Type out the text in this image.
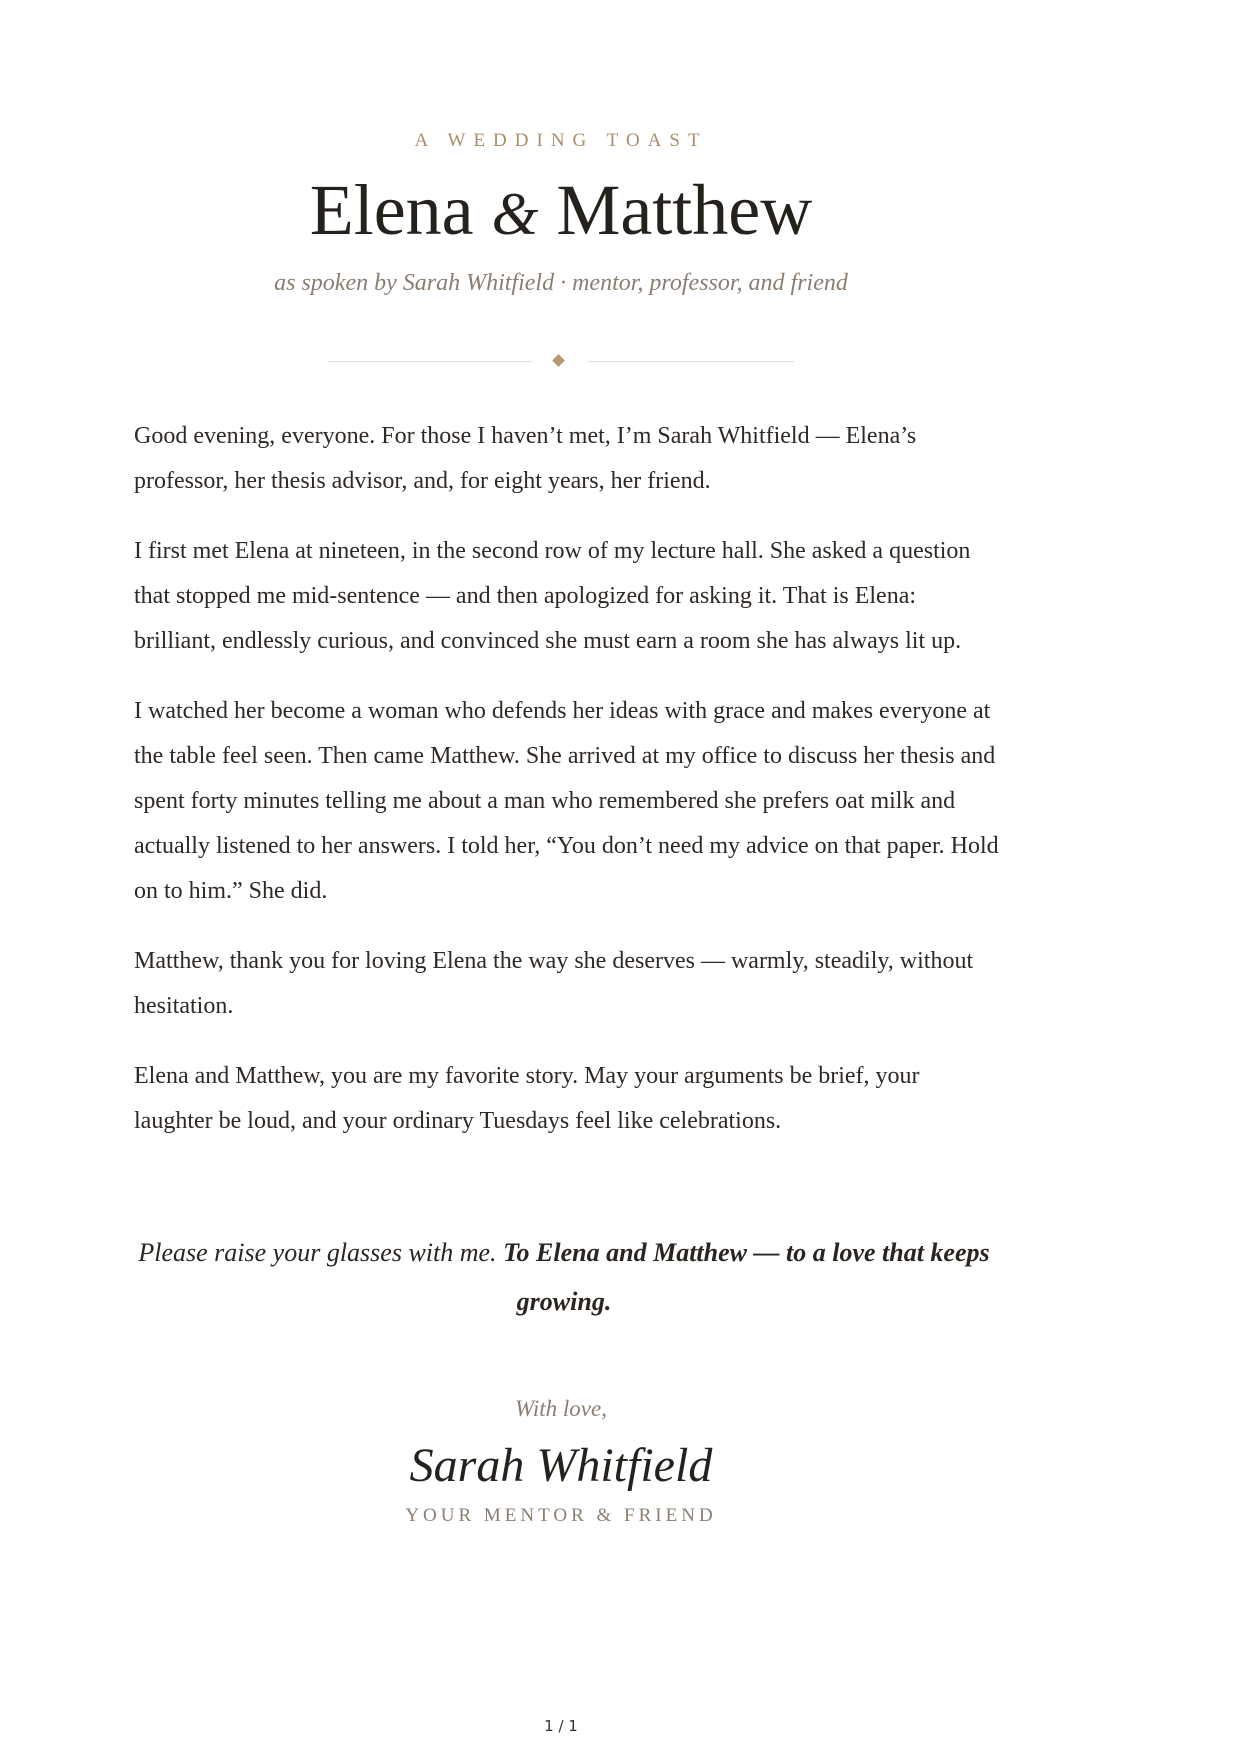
A WEDDING TOAST
Elena & Matthew
as spoken by Sarah Whitfield · mentor, professor, and friend

Good evening, everyone. For those I haven’t met, I’m Sarah Whitfield — Elena’s professor, her thesis advisor, and, for eight years, her friend.

I first met Elena at nineteen, in the second row of my lecture hall. She asked a question that stopped me mid-sentence — and then apologized for asking it. That is Elena: brilliant, endlessly curious, and convinced she must earn a room she has always lit up.

I watched her become a woman who defends her ideas with grace and makes everyone at the table feel seen. Then came Matthew. She arrived at my office to discuss her thesis and spent forty minutes telling me about a man who remembered she prefers oat milk and actually listened to her answers. I told her, “You don’t need my advice on that paper. Hold on to him.” She did.

Matthew, thank you for loving Elena the way she deserves — warmly, steadily, without hesitation.

Elena and Matthew, you are my favorite story. May your arguments be brief, your laughter be loud, and your ordinary Tuesdays feel like celebrations.

Please raise your glasses with me. To Elena and Matthew — to a love that keeps growing.
With love,
Sarah Whitfield
YOUR MENTOR & FRIEND
1 / 1
